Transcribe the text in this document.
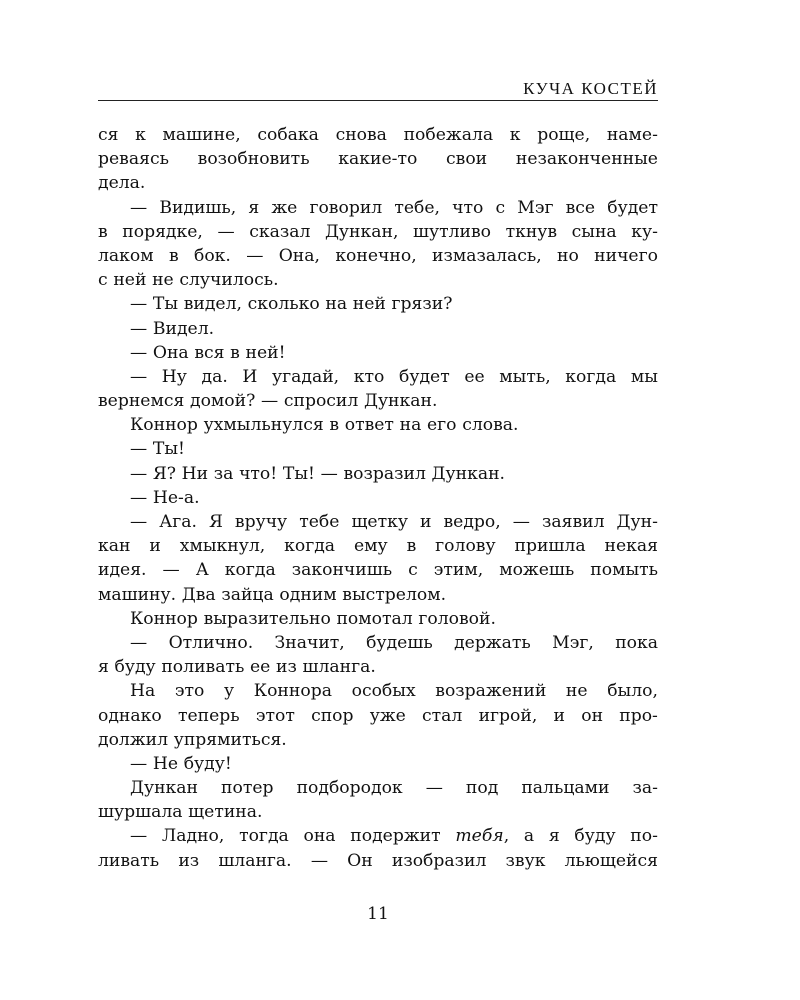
КУЧА КОСТЕЙ
ся к машине, собака снова побежала к роще, наме-
реваясь возобновить какие-то свои незаконченные
дела.
— Видишь, я же говорил тебе, что с Мэг все будет
в порядке, — сказал Дункан, шутливо ткнув сына ку-
лаком в бок. — Она, конечно, измазалась, но ничего
с ней не случилось.
— Ты видел, сколько на ней грязи?
— Видел.
— Она вся в ней!
— Ну да. И угадай, кто будет ее мыть, когда мы
вернемся домой? — спросил Дункан.
Коннор ухмыльнулся в ответ на его слова.
— Ты!
— Я? Ни за что! Ты! — возразил Дункан.
— Не-а.
— Ага. Я вручу тебе щетку и ведро, — заявил Дун-
кан и хмыкнул, когда ему в голову пришла некая
идея. — А когда закончишь с этим, можешь помыть
машину. Два зайца одним выстрелом.
Коннор выразительно помотал головой.
— Отлично. Значит, будешь держать Мэг, пока
я буду поливать ее из шланга.
На это у Коннора особых возражений не было,
однако теперь этот спор уже стал игрой, и он про-
должил упрямиться.
— Не буду!
Дункан потер подбородок — под пальцами за-
шуршала щетина.
— Ладно, тогда она подержит тебя, а я буду по-
ливать из шланга. — Он изобразил звук льющейся
11
